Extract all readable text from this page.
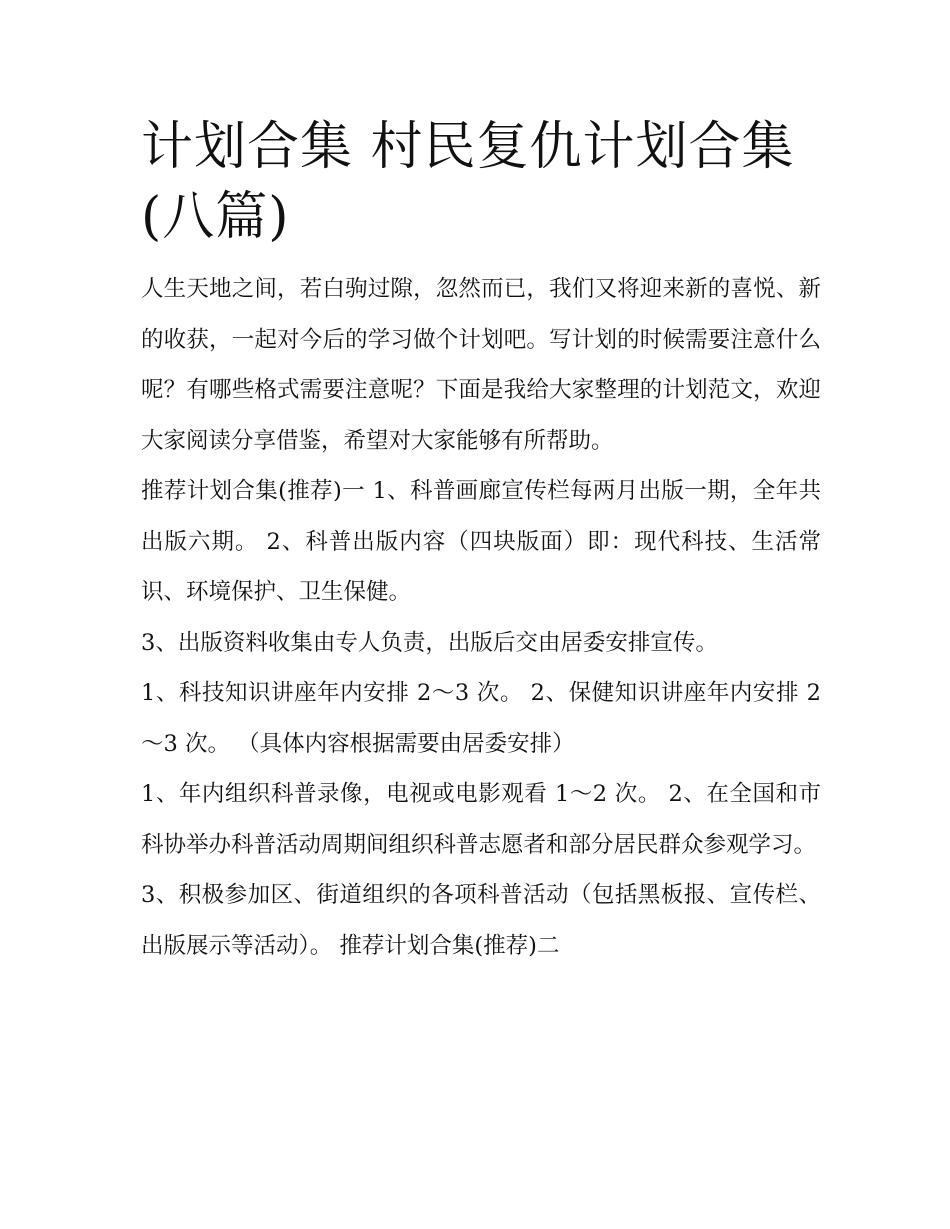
计划合集 村民复仇计划合集(八篇)

人生天地之间，若白驹过隙，忽然而已，我们又将迎来新的喜悦、新的收获，一起对今后的学习做个计划吧。写计划的时候需要注意什么呢？有哪些格式需要注意呢？下面是我给大家整理的计划范文，欢迎大家阅读分享借鉴，希望对大家能够有所帮助。

推荐计划合集(推荐)一 1、科普画廊宣传栏每两月出版一期，全年共出版六期。 2、科普出版内容（四块版面）即：现代科技、生活常识、环境保护、卫生保健。

3、出版资料收集由专人负责，出版后交由居委安排宣传。

1、科技知识讲座年内安排 2～3 次。 2、保健知识讲座年内安排 2～3 次。 （具体内容根据需要由居委安排）

1、年内组织科普录像，电视或电影观看 1～2 次。 2、在全国和市科协举办科普活动周期间组织科普志愿者和部分居民群众参观学习。

3、积极参加区、街道组织的各项科普活动（包括黑板报、宣传栏、出版展示等活动）。 推荐计划合集(推荐)二
